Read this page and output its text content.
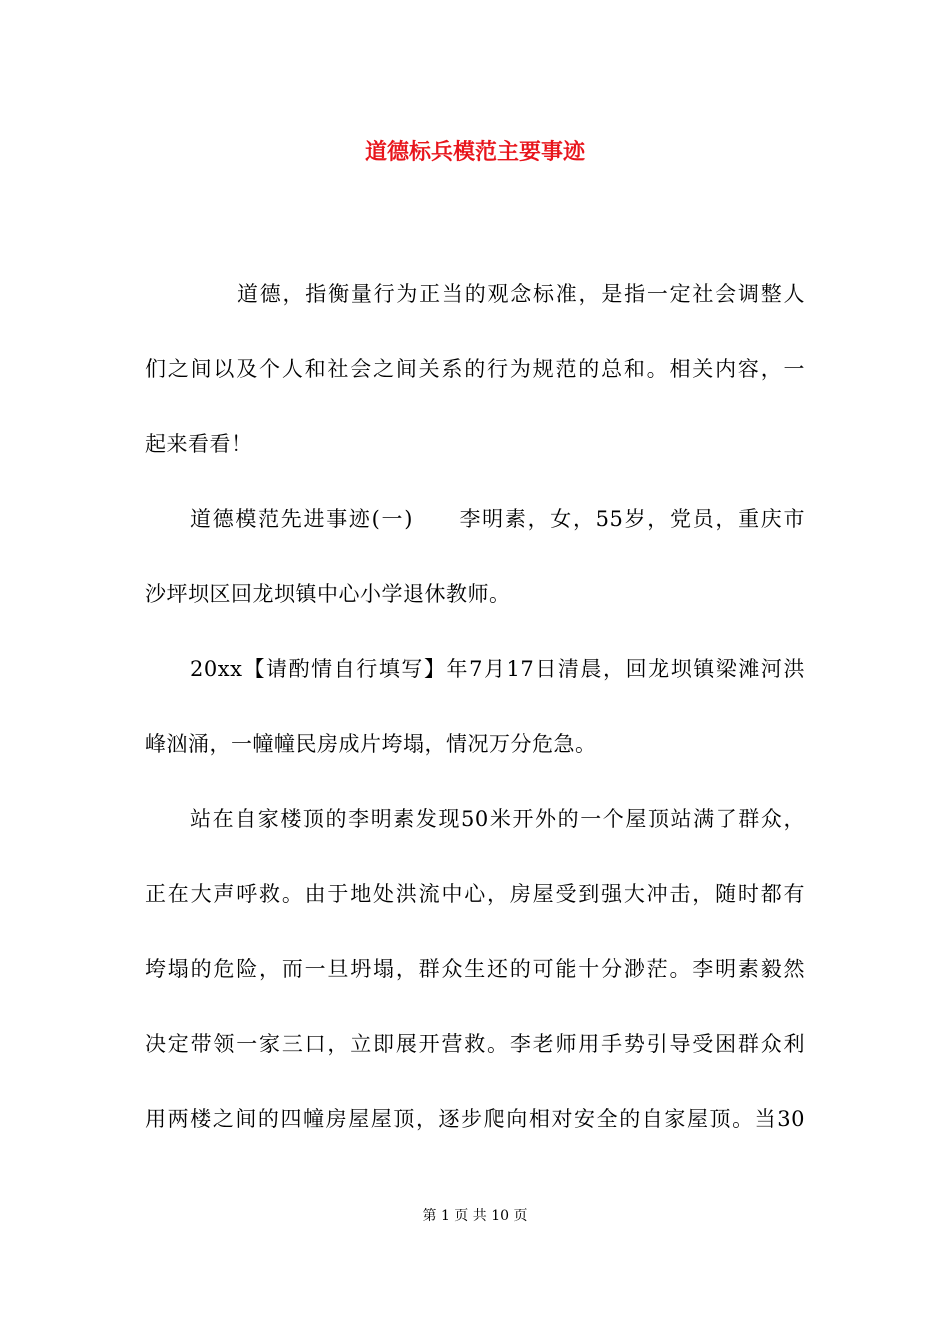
道德标兵模范主要事迹
道德，指衡量行为正当的观念标准，是指一定社会调整人
们之间以及个人和社会之间关系的行为规范的总和。相关内容，一
起来看看！
道德模范先进事迹(一)　　李明素，女，55岁，党员，重庆市
沙坪坝区回龙坝镇中心小学退休教师。
20xx【请酌情自行填写】年7月17日清晨，回龙坝镇梁滩河洪
峰汹涌，一幢幢民房成片垮塌，情况万分危急。
站在自家楼顶的李明素发现50米开外的一个屋顶站满了群众，
正在大声呼救。由于地处洪流中心，房屋受到强大冲击，随时都有
垮塌的危险，而一旦坍塌，群众生还的可能十分渺茫。李明素毅然
决定带领一家三口，立即展开营救。李老师用手势引导受困群众利
用两楼之间的四幢房屋屋顶，逐步爬向相对安全的自家屋顶。当30
第 1 页 共 10 页
